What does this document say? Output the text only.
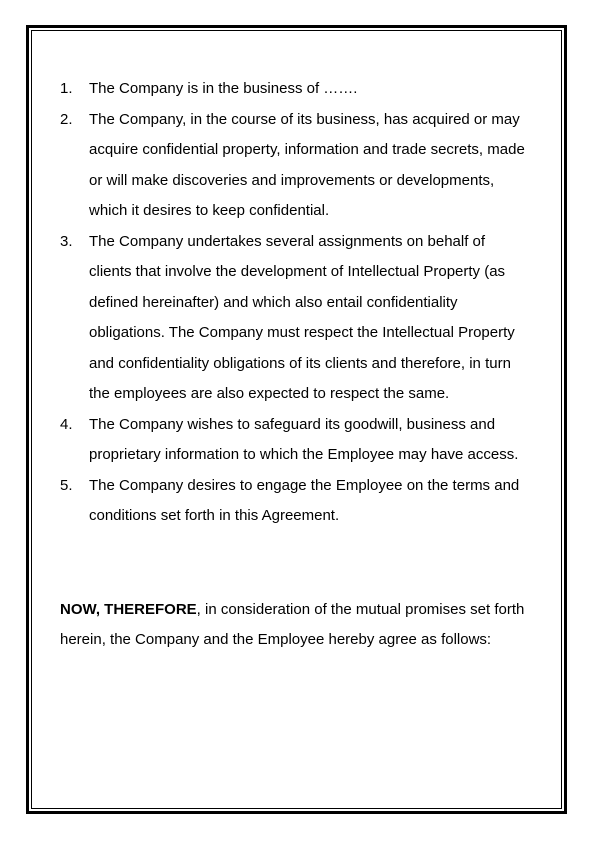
1. The Company is in the business of …….
2. The Company, in the course of its business, has acquired or may acquire confidential property, information and trade secrets, made or will make discoveries and improvements or developments, which it desires to keep confidential.
3. The Company undertakes several assignments on behalf of clients that involve the development of Intellectual Property (as defined hereinafter) and which also entail confidentiality obligations. The Company must respect the Intellectual Property and confidentiality obligations of its clients and therefore, in turn the employees are also expected to respect the same.
4. The Company wishes to safeguard its goodwill, business and proprietary information to which the Employee may have access.
5. The Company desires to engage the Employee on the terms and conditions set forth in this Agreement.

NOW, THEREFORE, in consideration of the mutual promises set forth herein, the Company and the Employee hereby agree as follows:
